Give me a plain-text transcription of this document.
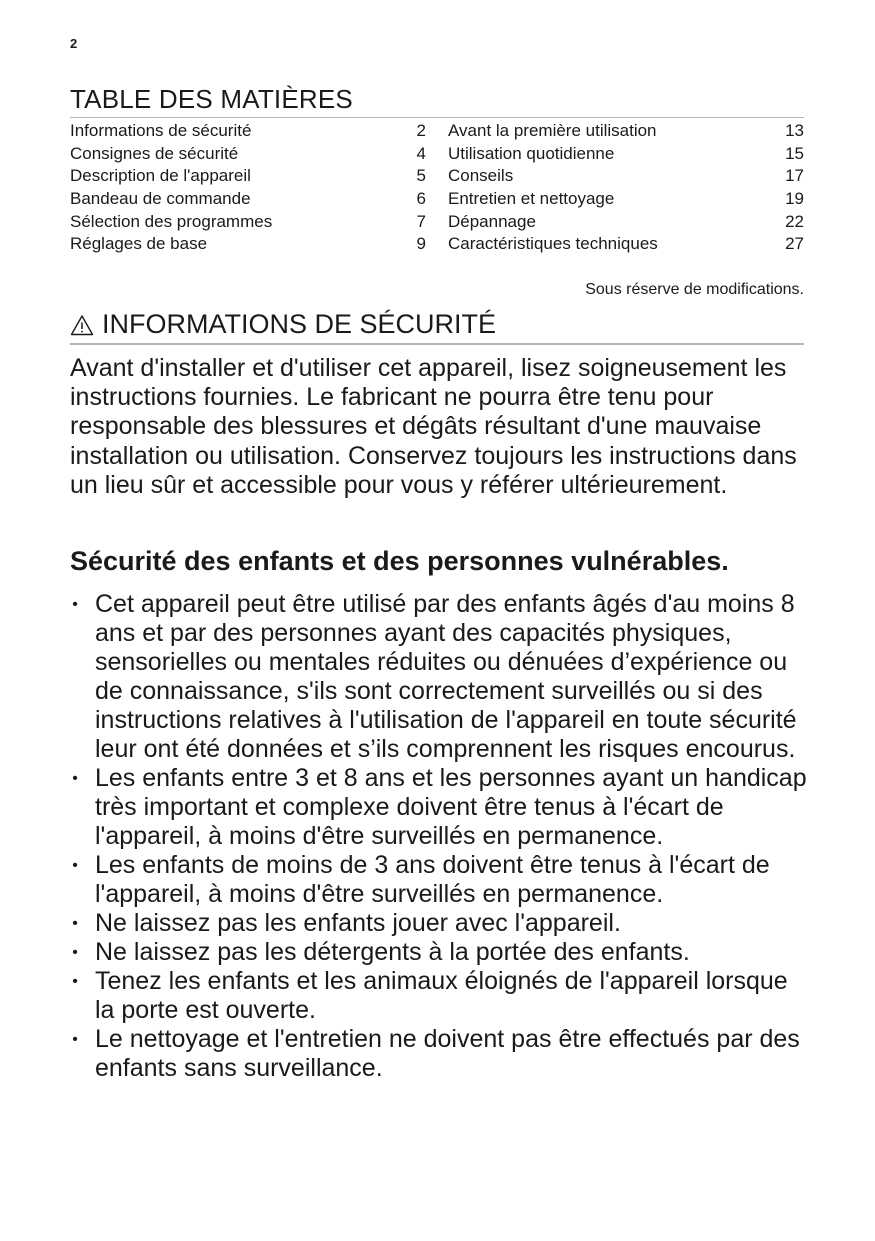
2
TABLE DES MATIÈRES
Informations de sécurité	2
Consignes de sécurité	4
Description de l'appareil	5
Bandeau de commande	6
Sélection des programmes	7
Réglages de base	9
Avant la première utilisation	13
Utilisation quotidienne	15
Conseils	17
Entretien et nettoyage	19
Dépannage	22
Caractéristiques techniques	27
Sous réserve de modifications.
INFORMATIONS DE SÉCURITÉ

Avant d'installer et d'utiliser cet appareil, lisez soigneusement les instructions fournies. Le fabricant ne pourra être tenu pour responsable des blessures et dégâts résultant d'une mauvaise installation ou utilisation. Conservez toujours les instructions dans un lieu sûr et accessible pour vous y référer ultérieurement.

Sécurité des enfants et des personnes vulnérables.
• Cet appareil peut être utilisé par des enfants âgés d'au moins 8 ans et par des personnes ayant des capacités physiques, sensorielles ou mentales réduites ou dénuées d’expérience ou de connaissance, s'ils sont correctement surveillés ou si des instructions relatives à l'utilisation de l'appareil en toute sécurité leur ont été données et s’ils comprennent les risques encourus.
• Les enfants entre 3 et 8 ans et les personnes ayant un handicap très important et complexe doivent être tenus à l'écart de l'appareil, à moins d'être surveillés en permanence.
• Les enfants de moins de 3 ans doivent être tenus à l'écart de l'appareil, à moins d'être surveillés en permanence.
• Ne laissez pas les enfants jouer avec l'appareil.
• Ne laissez pas les détergents à la portée des enfants.
• Tenez les enfants et les animaux éloignés de l'appareil lorsque la porte est ouverte.
• Le nettoyage et l'entretien ne doivent pas être effectués par des enfants sans surveillance.
